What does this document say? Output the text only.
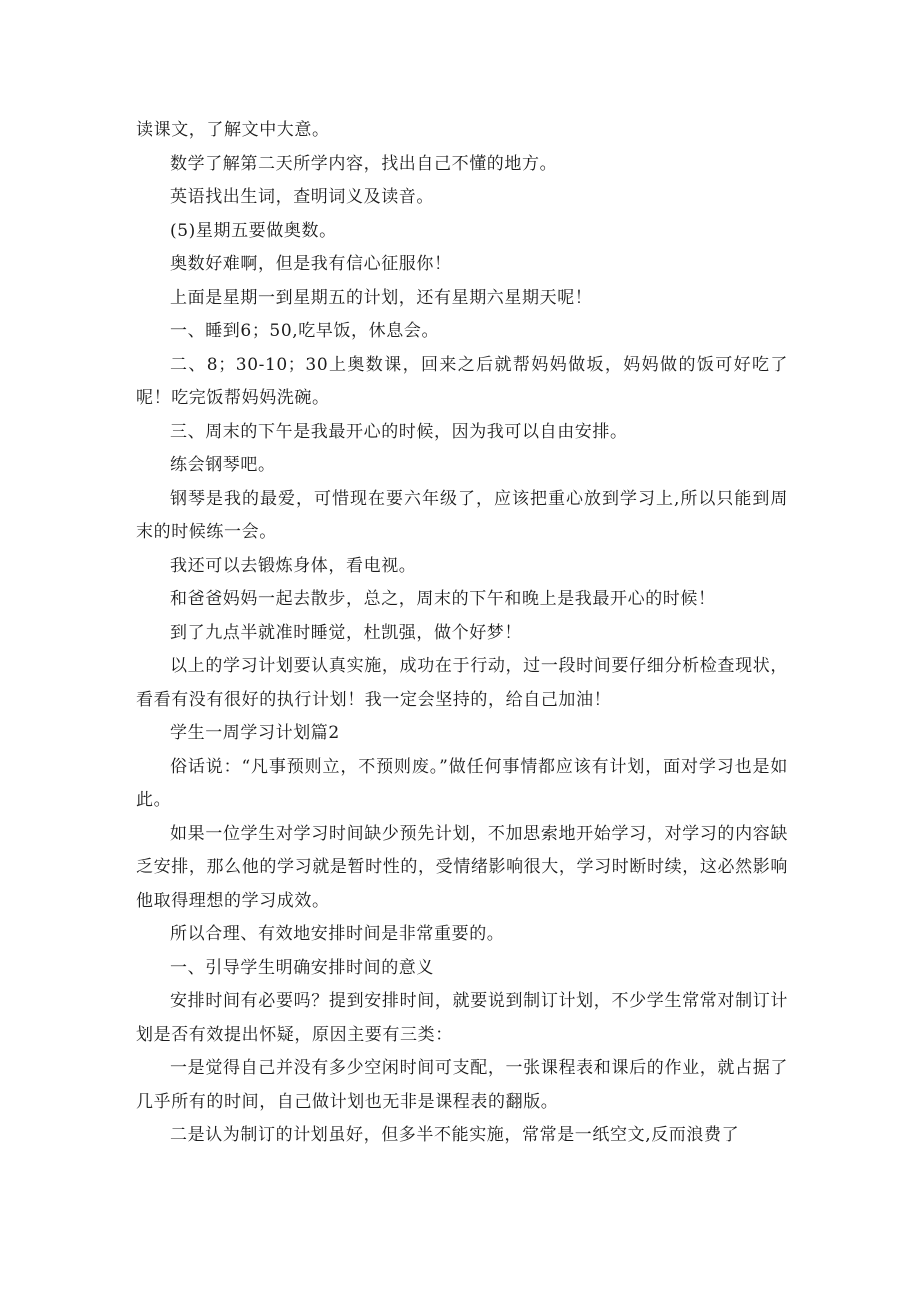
读课文，了解文中大意。

数学了解第二天所学内容，找出自己不懂的地方。

英语找出生词，查明词义及读音。

(5)星期五要做奥数。

奥数好难啊，但是我有信心征服你！

上面是星期一到星期五的计划，还有星期六星期天呢！

一、睡到6；50,吃早饭，休息会。

二、8；30-10；30上奥数课，回来之后就帮妈妈做坂，妈妈做的饭可好吃了呢！吃完饭帮妈妈洗碗。

三、周末的下午是我最开心的时候，因为我可以自由安排。

练会钢琴吧。

钢琴是我的最爱，可惜现在要六年级了，应该把重心放到学习上,所以只能到周末的时候练一会。

我还可以去锻炼身体，看电视。

和爸爸妈妈一起去散步，总之，周末的下午和晚上是我最开心的时候！

到了九点半就准时睡觉，杜凯强，做个好梦！

以上的学习计划要认真实施，成功在于行动，过一段时间要仔细分析检查现状，看看有没有很好的执行计划！我一定会坚持的，给自己加油！

学生一周学习计划篇2

俗话说：“凡事预则立，不预则废。”做任何事情都应该有计划，面对学习也是如此。

如果一位学生对学习时间缺少预先计划，不加思索地开始学习，对学习的内容缺乏安排，那么他的学习就是暂时性的，受情绪影响很大，学习时断时续，这必然影响他取得理想的学习成效。

所以合理、有效地安排时间是非常重要的。

一、引导学生明确安排时间的意义

安排时间有必要吗？提到安排时间，就要说到制订计划，不少学生常常对制订计划是否有效提出怀疑，原因主要有三类：

一是觉得自己并没有多少空闲时间可支配，一张课程表和课后的作业，就占据了几乎所有的时间，自己做计划也无非是课程表的翻版。

二是认为制订的计划虽好，但多半不能实施，常常是一纸空文,反而浪费了
